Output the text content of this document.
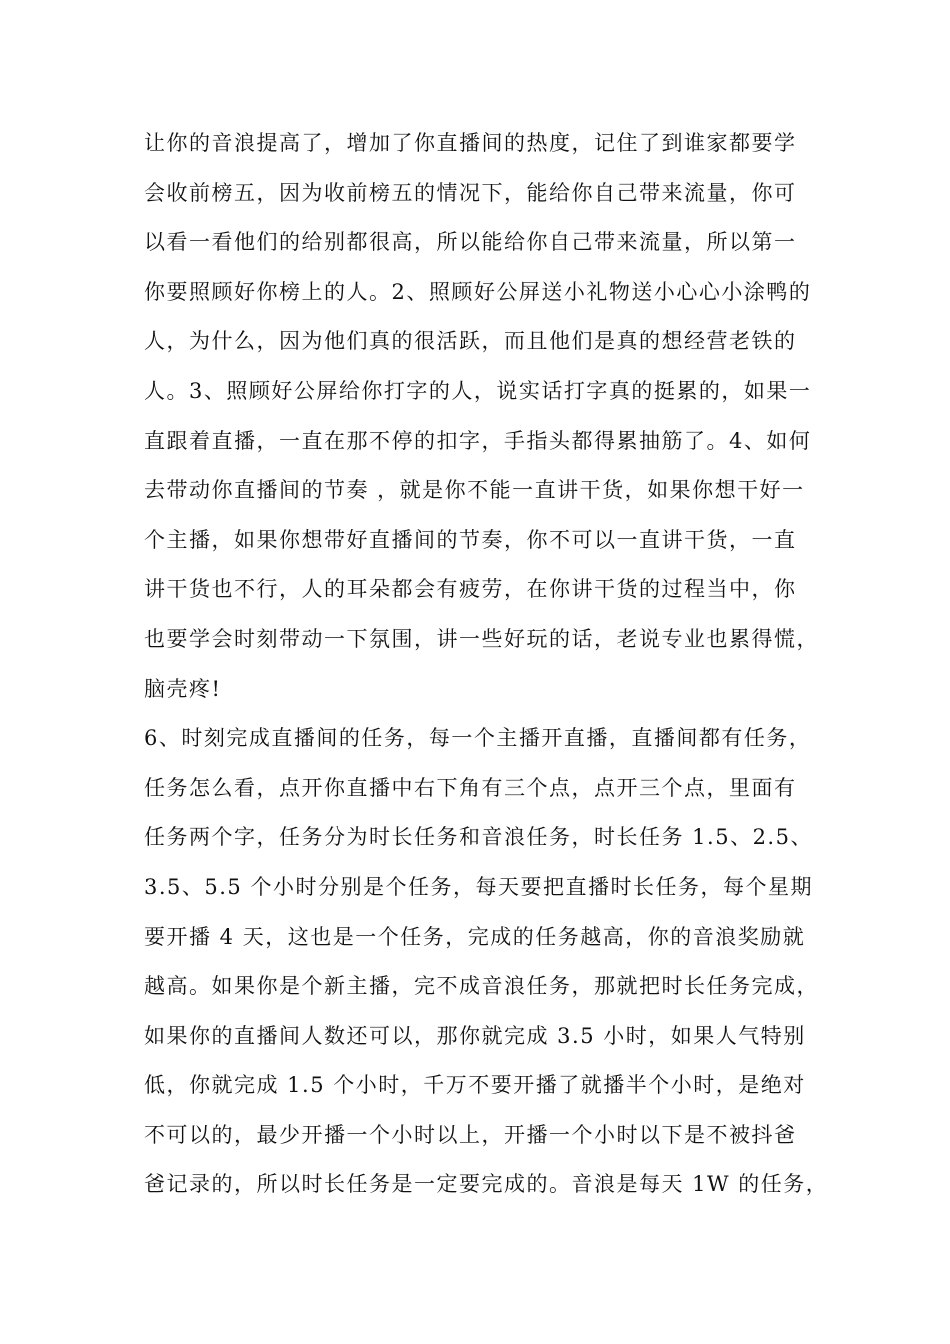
让你的音浪提高了，增加了你直播间的热度，记住了到谁家都要学
会收前榜五，因为收前榜五的情况下，能给你自己带来流量，你可
以看一看他们的给别都很高，所以能给你自己带来流量，所以第一
你要照顾好你榜上的人。2、照顾好公屏送小礼物送小心心小涂鸭的
人，为什么，因为他们真的很活跃，而且他们是真的想经营老铁的
人。3、照顾好公屏给你打字的人，说实话打字真的挺累的，如果一
直跟着直播，一直在那不停的扣字，手指头都得累抽筋了。4、如何
去带动你直播间的节奏 ，就是你不能一直讲干货，如果你想干好一
个主播，如果你想带好直播间的节奏，你不可以一直讲干货，一直
讲干货也不行，人的耳朵都会有疲劳，在你讲干货的过程当中，你
也要学会时刻带动一下氛围，讲一些好玩的话，老说专业也累得慌，
脑壳疼!
6、时刻完成直播间的任务，每一个主播开直播，直播间都有任务，
任务怎么看，点开你直播中右下角有三个点，点开三个点，里面有
任务两个字，任务分为时长任务和音浪任务，时长任务 1.5、2.5、
3.5、5.5 个小时分别是个任务，每天要把直播时长任务，每个星期
要开播 4 天，这也是一个任务，完成的任务越高，你的音浪奖励就
越高。如果你是个新主播，完不成音浪任务，那就把时长任务完成，
如果你的直播间人数还可以，那你就完成 3.5 小时，如果人气特别
低，你就完成 1.5 个小时，千万不要开播了就播半个小时，是绝对
不可以的，最少开播一个小时以上，开播一个小时以下是不被抖爸
爸记录的，所以时长任务是一定要完成的。音浪是每天 1W 的任务，
